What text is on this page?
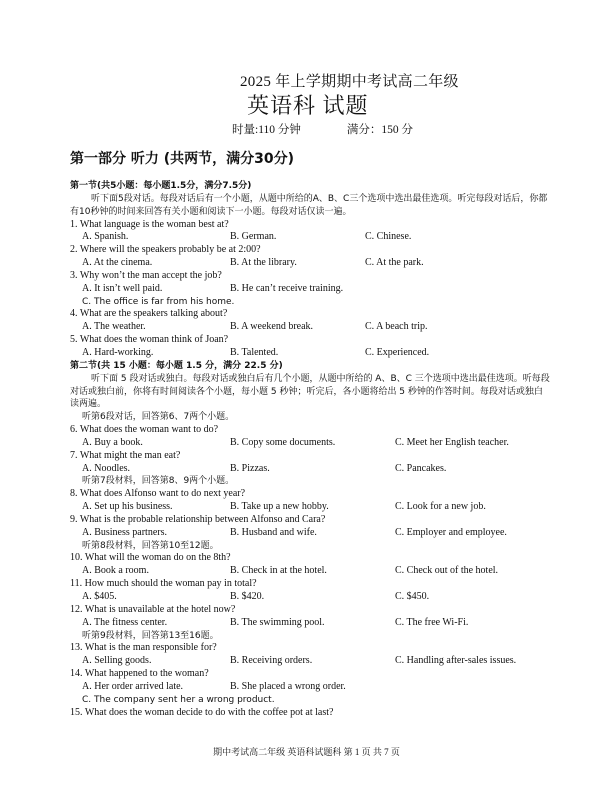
2025 年上学期期中考试高二年级
英语科 试题
时量:110 分钟                满分：150 分
第一部分 听力 (共两节，满分30分)
第一节(共5小题：每小题1.5分，满分7.5分)
听下面5段对话。每段对话后有一个小题，从题中所给的A、B、C三个选项中选出最佳选项。听完每段对话后，你都有10秒钟的时间来回答有关小题和阅读下一小题。每段对话仅读一遍。
1. What language is the woman best at?
A. Spanish.	B. German.	C. Chinese.
2. Where will the speakers probably be at 2:00?
A. At the cinema.	B. At the library.	C. At the park.
3. Why won’t the man accept the job?
A. It isn’t well paid.	B. He can’t receive training.
C. The office is far from his home.
4. What are the speakers talking about?
A. The weather.	B. A weekend break.	C. A beach trip.
5. What does the woman think of Joan?
A. Hard-working.	B. Talented.	C. Experienced.
第二节(共 15 小题：每小题 1.5 分，满分 22.5 分)
听下面 5 段对话或独白。每段对话或独白后有几个小题，从题中所给的 A、B、C 三个选项中选出最佳选项。听每段对话或独白前，你将有时间阅读各个小题，每小题 5 秒钟；听完后，各小题将给出 5 秒钟的作答时间。每段对话或独白读两遍。
听第6段对话，回答第6、7两个小题。
6. What does the woman want to do?
A. Buy a book.	B. Copy some documents.	C. Meet her English teacher.
7. What might the man eat?
A. Noodles.	B. Pizzas.	C. Pancakes.
听第7段材料，回答第8、9两个小题。
8. What does Alfonso want to do next year?
A. Set up his business.	B. Take up a new hobby.	C. Look for a new job.
9. What is the probable relationship between Alfonso and Cara?
A. Business partners.	B. Husband and wife.	C. Employer and employee.
听第8段材料，回答第10至12题。
10. What will the woman do on the 8th?
A. Book a room.	B. Check in at the hotel.	C. Check out of the hotel.
11. How much should the woman pay in total?
A. $405.	B. $420.	C. $450.
12. What is unavailable at the hotel now?
A. The fitness center.	B. The swimming pool.	C. The free Wi-Fi.
听第9段材料，回答第13至16题。
13. What is the man responsible for?
A. Selling goods.	B. Receiving orders.	C. Handling after-sales issues.
14. What happened to the woman?
A. Her order arrived late.	B. She placed a wrong order.
C. The company sent her a wrong product.
15. What does the woman decide to do with the coffee pot at last?
期中考试高二年级 英语科试题科 第 1 页 共 7 页
